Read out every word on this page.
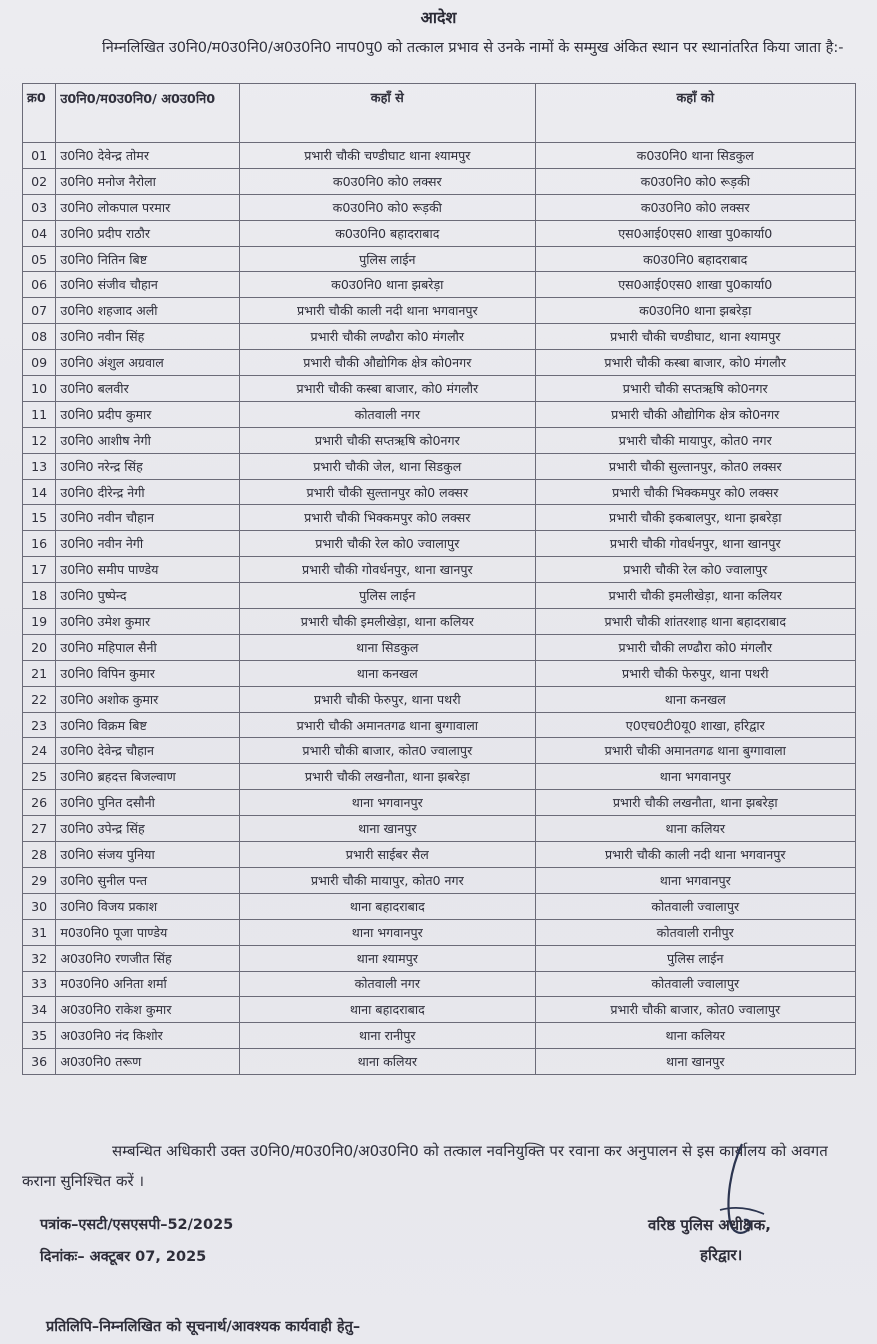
आदेश
निम्नलिखित उ0नि0/म0उ0नि0/अ0उ0नि0 नाप0पु0 को तत्काल प्रभाव से उनके नामों के सम्मुख अंकित स्थान पर स्थानांतरित किया जाता है:-
क्र0	उ0नि0/म0उ0नि0/ अ0उ0नि0	कहाँ से	कहाँ को
01	उ0नि0 देवेन्द्र तोमर	प्रभारी चौकी चण्डीघाट थाना श्यामपुर	क0उ0नि0 थाना सिडकुल
02	उ0नि0 मनोज नैरोला	क0उ0नि0 को0 लक्सर	क0उ0नि0 को0 रूड़की
03	उ0नि0 लोकपाल परमार	क0उ0नि0 को0 रूड़की	क0उ0नि0 को0 लक्सर
04	उ0नि0 प्रदीप राठौर	क0उ0नि0 बहादराबाद	एस0आई0एस0 शाखा पु0कार्या0
05	उ0नि0 नितिन बिष्ट	पुलिस लाईन	क0उ0नि0 बहादराबाद
06	उ0नि0 संजीव चौहान	क0उ0नि0 थाना झबरेड़ा	एस0आई0एस0 शाखा पु0कार्या0
07	उ0नि0 शहजाद अली	प्रभारी चौकी काली नदी थाना भगवानपुर	क0उ0नि0 थाना झबरेड़ा
08	उ0नि0 नवीन सिंह	प्रभारी चौकी लण्ढौरा को0 मंगलौर	प्रभारी चौकी चण्डीघाट, थाना श्यामपुर
09	उ0नि0 अंशुल अग्रवाल	प्रभारी चौकी औद्योगिक क्षेत्र को0नगर	प्रभारी चौकी कस्बा बाजार, को0 मंगलौर
10	उ0नि0 बलवीर	प्रभारी चौकी कस्बा बाजार, को0 मंगलौर	प्रभारी चौकी सप्तऋषि को0नगर
11	उ0नि0 प्रदीप कुमार	कोतवाली नगर	प्रभारी चौकी औद्योगिक क्षेत्र को0नगर
12	उ0नि0 आशीष नेगी	प्रभारी चौकी सप्तऋषि को0नगर	प्रभारी चौकी मायापुर, कोत0 नगर
13	उ0नि0 नरेन्द्र सिंह	प्रभारी चौकी जेल, थाना सिडकुल	प्रभारी चौकी सुल्तानपुर, कोत0 लक्सर
14	उ0नि0 दीरेन्द्र नेगी	प्रभारी चौकी सुल्तानपुर को0 लक्सर	प्रभारी चौकी भिक्कमपुर को0 लक्सर
15	उ0नि0 नवीन चौहान	प्रभारी चौकी भिक्कमपुर को0 लक्सर	प्रभारी चौकी इकबालपुर, थाना झबरेड़ा
16	उ0नि0 नवीन नेगी	प्रभारी चौकी रेल को0 ज्वालापुर	प्रभारी चौकी गोवर्धनपुर, थाना खानपुर
17	उ0नि0 समीप पाण्डेय	प्रभारी चौकी गोवर्धनपुर, थाना खानपुर	प्रभारी चौकी रेल को0 ज्वालापुर
18	उ0नि0 पुष्पेन्द	पुलिस लाईन	प्रभारी चौकी इमलीखेड़ा, थाना कलियर
19	उ0नि0 उमेश कुमार	प्रभारी चौकी इमलीखेड़ा, थाना कलियर	प्रभारी चौकी शांतरशाह थाना बहादराबाद
20	उ0नि0 महिपाल सैनी	थाना सिडकुल	प्रभारी चौकी लण्ढौरा को0 मंगलौर
21	उ0नि0 विपिन कुमार	थाना कनखल	प्रभारी चौकी फेरुपुर, थाना पथरी
22	उ0नि0 अशोक कुमार	प्रभारी चौकी फेरुपुर, थाना पथरी	थाना कनखल
23	उ0नि0 विक्रम बिष्ट	प्रभारी चौकी अमानतगढ थाना बुग्गावाला	ए0एच0टी0यू0 शाखा, हरिद्वार
24	उ0नि0 देवेन्द्र चौहान	प्रभारी चौकी बाजार, कोत0 ज्वालापुर	प्रभारी चौकी अमानतगढ थाना बुग्गावाला
25	उ0नि0 ब्रहदत्त बिजल्वाण	प्रभारी चौकी लखनौता, थाना झबरेड़ा	थाना भगवानपुर
26	उ0नि0 पुनित दसौनी	थाना भगवानपुर	प्रभारी चौकी लखनौता, थाना झबरेड़ा
27	उ0नि0 उपेन्द्र सिंह	थाना खानपुर	थाना कलियर
28	उ0नि0 संजय पुनिया	प्रभारी साईबर सैल	प्रभारी चौकी काली नदी थाना भगवानपुर
29	उ0नि0 सुनील पन्त	प्रभारी चौकी मायापुर, कोत0 नगर	थाना भगवानपुर
30	उ0नि0 विजय प्रकाश	थाना बहादराबाद	कोतवाली ज्वालापुर
31	म0उ0नि0 पूजा पाण्डेय	थाना भगवानपुर	कोतवाली रानीपुर
32	अ0उ0नि0 रणजीत सिंह	थाना श्यामपुर	पुलिस लाईन
33	म0उ0नि0 अनिता शर्मा	कोतवाली नगर	कोतवाली ज्वालापुर
34	अ0उ0नि0 राकेश कुमार	थाना बहादराबाद	प्रभारी चौकी बाजार, कोत0 ज्वालापुर
35	अ0उ0नि0 नंद किशोर	थाना रानीपुर	थाना कलियर
36	अ0उ0नि0 तरूण	थाना कलियर	थाना खानपुर
सम्बन्धित अधिकारी उक्त उ0नि0/म0उ0नि0/अ0उ0नि0 को तत्काल नवनियुक्ति पर रवाना कर अनुपालन से इस कार्यालय को अवगत कराना सुनिश्चित करें ।
पत्रांक–एसटी/एसएसपी–52/2025
दिनांकः– अक्टूबर 07, 2025
वरिष्ठ पुलिस अधीक्षक,
हरिद्वार।
प्रतिलिपि–निम्नलिखित को सूचनार्थ/आवश्यक कार्यवाही हेतु–
